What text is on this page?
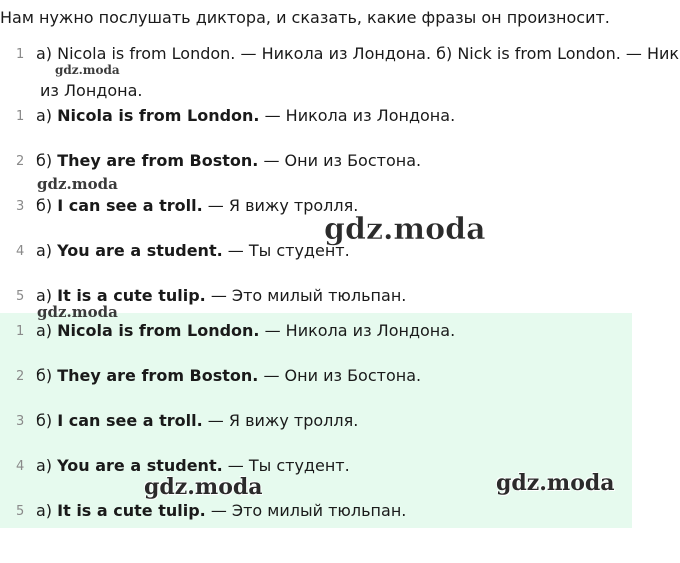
Нам нужно послушать диктора, и сказать, какие фразы он произносит.
1 а) Nicola is from London. — Никола из Лондона. б) Nick is from London. — Ник
из Лондона.
1 а) Nicola is from London. — Никола из Лондона.
2 б) They are from Boston. — Они из Бостона.
3 б) I can see a troll. — Я вижу тролля.
4 а) You are a student. — Ты студент.
5 а) It is a cute tulip. — Это милый тюльпан.
1 а) Nicola is from London. — Никола из Лондона.
2 б) They are from Boston. — Они из Бостона.
3 б) I can see a troll. — Я вижу тролля.
4 а) You are a student. — Ты студент.
5 а) It is a cute tulip. — Это милый тюльпан.
gdz.moda
gdz.moda
gdz.moda
gdz.moda
gdz.moda	gdz.moda
